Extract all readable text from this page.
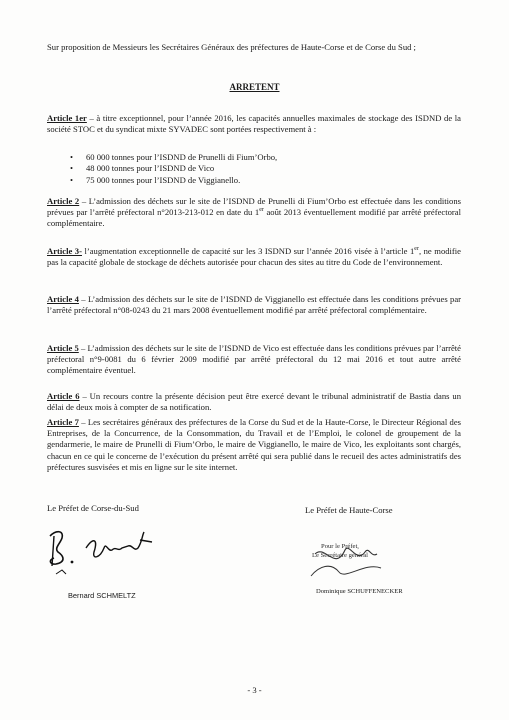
Sur proposition de Messieurs les Secrétaires Généraux des préfectures de Haute-Corse et de Corse du Sud ;
ARRETENT
Article 1er – à titre exceptionnel, pour l’année 2016, les capacités annuelles maximales de stockage des ISDND de la société STOC et du syndicat mixte SYVADEC sont portées respectivement à :
•	60 000 tonnes pour l’ISDND de Prunelli di Fium’Orbo,
•	48 000 tonnes pour l’ISDND de Vico
•	75 000 tonnes pour l’ISDND de Viggianello.
Article 2 – L’admission des déchets sur le site de l’ISDND de Prunelli di Fium’Orbo est effectuée dans les conditions prévues par l’arrêté préfectoral n°2013-213-012 en date du 1er août 2013 éventuellement modifié par arrêté préfectoral complémentaire.
Article 3- l’augmentation exceptionnelle de capacité sur les 3 ISDND sur l’année 2016 visée à l’article 1er, ne modifie pas la capacité globale de stockage de déchets autorisée pour chacun des sites au titre du Code de l’environnement.
Article 4 – L’admission des déchets sur le site de l’ISDND de Viggianello est effectuée dans les conditions prévues par l’arrêté préfectoral n°08-0243 du 21 mars 2008 éventuellement modifié par arrêté préfectoral complémentaire.
Article 5 – L’admission des déchets sur le site de l’ISDND de Vico est effectuée dans les conditions prévues par l’arrêté préfectoral n°9-0081 du 6 février 2009 modifié par arrêté préfectoral du 12 mai 2016 et tout autre arrêté complémentaire éventuel.
Article 6 – Un recours contre la présente décision peut être exercé devant le tribunal administratif de Bastia dans un délai de deux mois à compter de sa notification.
Article 7 – Les secrétaires généraux des préfectures de la Corse du Sud et de la Haute-Corse, le Directeur Régional des Entreprises, de la Concurrence, de la Consommation, du Travail et de l’Emploi, le colonel de groupement de la gendarmerie, le maire de Prunelli di Fium’Orbo, le maire de Viggianello, le maire de Vico, les exploitants sont chargés, chacun en ce qui le concerne de l’exécution du présent arrêté qui sera publié dans le recueil des actes administratifs des préfectures susvisées et mis en ligne sur le site internet.
Le Préfet de Corse-du-Sud	Le Préfet de Haute-Corse
Pour le Préfet,
Le Secrétaire général
Bernard SCHMELTZ	Dominique SCHUFFENECKER
- 3 -
